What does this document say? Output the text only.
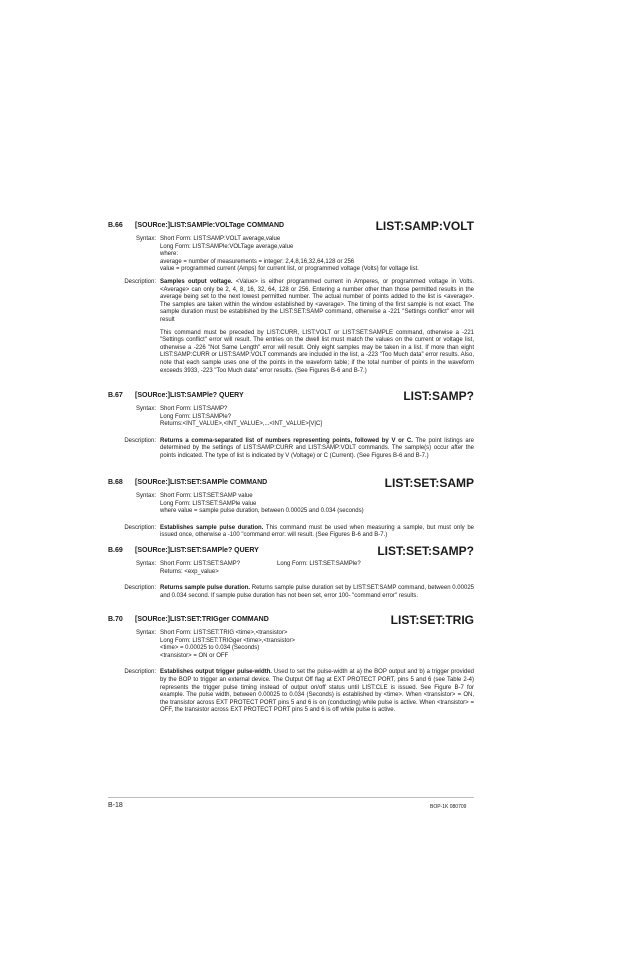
B.66 [SOURce:]LIST:SAMPle:VOLTage COMMAND	LIST:SAMP:VOLT
Syntax: Short Form: LIST:SAMP:VOLT average,value
Long Form: LIST:SAMPle:VOLTage average,value
where:
average = number of measurements = integer: 2,4,8,16,32,64,128 or 256
value = programmed current (Amps) for current list, or programmed voltage (Volts) for voltage list.
Description: Samples output voltage. <Value> is either programmed current in Amperes, or programmed voltage in Volts. <Average> can only be 2, 4, 8, 16, 32, 64, 128 or 256. Entering a number other than those permitted results in the average being set to the next lowest permitted number. The actual number of points added to the list is <average>. The samples are taken within the window established by <average>. The timing of the first sample is not exact. The sample duration must be established by the LIST:SET:SAMP command, otherwise a -221 "Settings conflict" error will result

This command must be preceded by LIST:CURR, LIST:VOLT or LIST:SET:SAMPLE command, otherwise a -221 "Settings conflict" error will result. The entries on the dwell list must match the values on the current or voltage list, otherwise a -226 "Not Same Length" error will result. Only eight samples may be taken in a list. If more than eight LIST:SAMP:CURR or LIST:SAMP:VOLT commands are included in the list, a -223 "Too Much data" error results. Also, note that each sample uses one of the points in the waveform table; if the total number of points in the waveform exceeds 3933, -223 "Too Much data" error results. (See Figures B-6 and B-7.)

B.67 [SOURce:]LIST:SAMPle? QUERY	LIST:SAMP?
Syntax: Short Form: LIST:SAMP?
Long Form: LIST:SAMPle?
Returns:<INT_VALUE>,<INT_VALUE>,...<INT_VALUE>[V|C]
Description: Returns a comma-separated list of numbers representing points, followed by V or C. The point listings are determined by the settings of LIST:SAMP:CURR and LIST:SAMP:VOLT commands. The sample(s) occur after the points indicated. The type of list is indicated by V (Voltage) or C (Current). (See Figures B-6 and B-7.)

B.68 [SOURce:]LIST:SET:SAMPle COMMAND	LIST:SET:SAMP
Syntax: Short Form: LIST:SET:SAMP value
Long Form: LIST:SET:SAMPle value
where value = sample pulse duration, between 0.00025 and 0.034 (seconds)
Description: Establishes sample pulse duration. This command must be used when measuring a sample, but must only be issued once, otherwise a -100 "command error: will result. (See Figures B-6 and B-7.)

B.69 [SOURce:]LIST:SET:SAMPle? QUERY	LIST:SET:SAMP?
Syntax: Short Form: LIST:SET:SAMP?	Long Form: LIST:SET:SAMPle?
Returns: <exp_value>
Description: Returns sample pulse duration. Returns sample pulse duration set by LIST:SET:SAMP command, between 0.00025 and 0.034 second. If sample pulse duration has not been set, error 100- "command error" results.

B.70 [SOURce:]LIST:SET:TRIGger COMMAND	LIST:SET:TRIG
Syntax: Short Form: LIST:SET:TRIG <time>,<transistor>
Long Form: LIST:SET:TRIGger <time>,<transistor>
<time> = 0.00025 to 0.034 (Seconds)
<transistor> = ON or OFF
Description: Establishes output trigger pulse-width. Used to set the pulse-width at a) the BOP output and b) a trigger provided by the BOP to trigger an external device. The Output Off flag at EXT PROTECT PORT, pins 5 and 6 (see Table 2-4) represents the trigger pulse timing instead of output on/off status until LIST:CLE is issued. See Figure B-7 for example. The pulse width, between 0.00025 to 0.034 (Seconds) is established by <time>. When <transistor> = ON, the transistor across EXT PROTECT PORT pins 5 and 6 is on (conducting) while pulse is active. When <transistor> = OFF, the transistor across EXT PROTECT PORT pins 5 and 6 is off while pulse is active.

B-18	BOP-1K 080709
